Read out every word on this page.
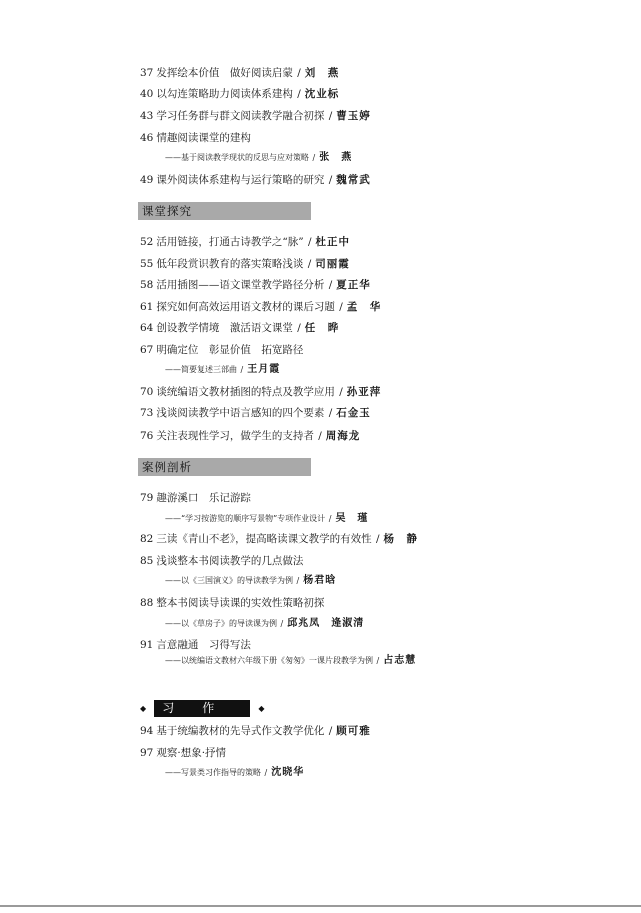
37 发挥绘本价值　做好阅读启蒙 / 刘　燕
40 以勾连策略助力阅读体系建构 / 沈业标
43 学习任务群与群文阅读教学融合初探 / 曹玉婷
46 情趣阅读课堂的建构
——基于阅读教学现状的反思与应对策略 / 张　燕
49 课外阅读体系建构与运行策略的研究 / 魏常武
课堂探究
52 活用链接，打通古诗教学之“脉” / 杜正中
55 低年段赏识教育的落实策略浅谈 / 司丽霞
58 活用插图——语文课堂教学路径分析 / 夏正华
61 探究如何高效运用语文教材的课后习题 / 孟　华
64 创设教学情境　激活语文课堂 / 任　晔
67 明确定位　彰显价值　拓宽路径
——简要复述三部曲 / 王月霞
70 谈统编语文教材插图的特点及教学应用 / 孙亚萍
73 浅谈阅读教学中语言感知的四个要素 / 石金玉
76 关注表现性学习，做学生的支持者 / 周海龙
案例剖析
79 趣游溪口　乐记游踪
——“学习按游览的顺序写景物”专项作业设计 / 吴　瑾
82 三读《青山不老》，提高略读课文教学的有效性 / 杨　静
85 浅谈整本书阅读教学的几点做法
——以《三国演义》的导读教学为例 / 杨君晗
88 整本书阅读导读课的实效性策略初探
——以《草房子》的导读课为例 / 邱兆凤　逄淑清
91 言意融通　习得写法
——以统编语文教材六年级下册《匆匆》一课片段教学为例 / 占志慧
◆ 习作 ◆
94 基于统编教材的先导式作文教学优化 / 顾可雅
97 观察·想象·抒情
——写景类习作指导的策略 / 沈晓华
